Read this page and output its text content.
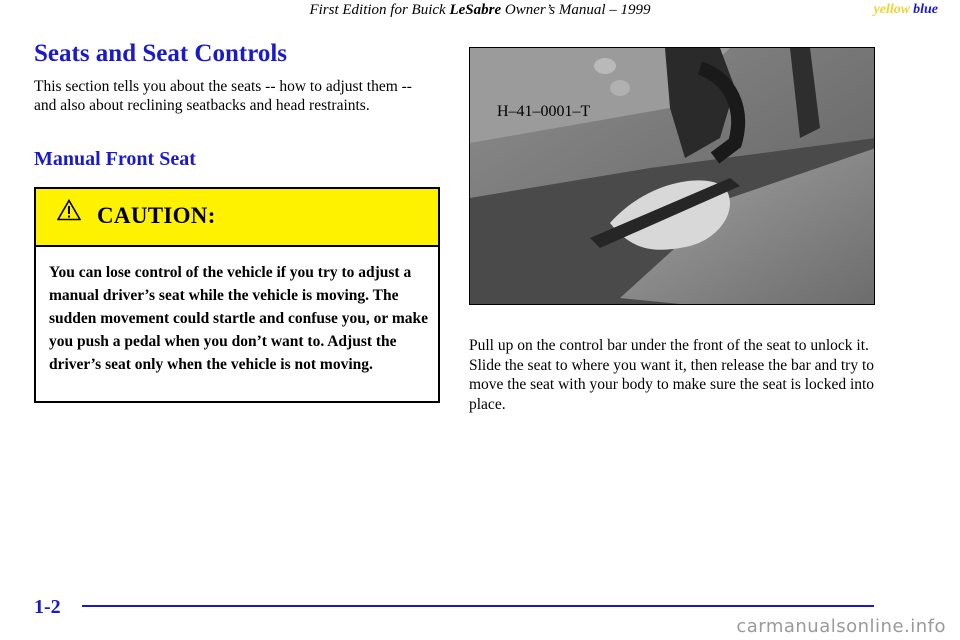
First Edition for Buick LeSabre Owner’s Manual – 1999	yellow blue
Seats and Seat Controls

This section tells you about the seats -- how to adjust them -- and also about reclining seatbacks and head restraints.

Manual Front Seat
CAUTION:

You can lose control of the vehicle if you try to adjust a manual driver’s seat while the vehicle is moving. The sudden movement could startle and confuse you, or make you push a pedal when you don’t want to. Adjust the driver’s seat only when the vehicle is not moving.

H–41–0001–T

Pull up on the control bar under the front of the seat to unlock it. Slide the seat to where you want it, then release the bar and try to move the seat with your body to make sure the seat is locked into place.

1-2
carmanualsonline.info
